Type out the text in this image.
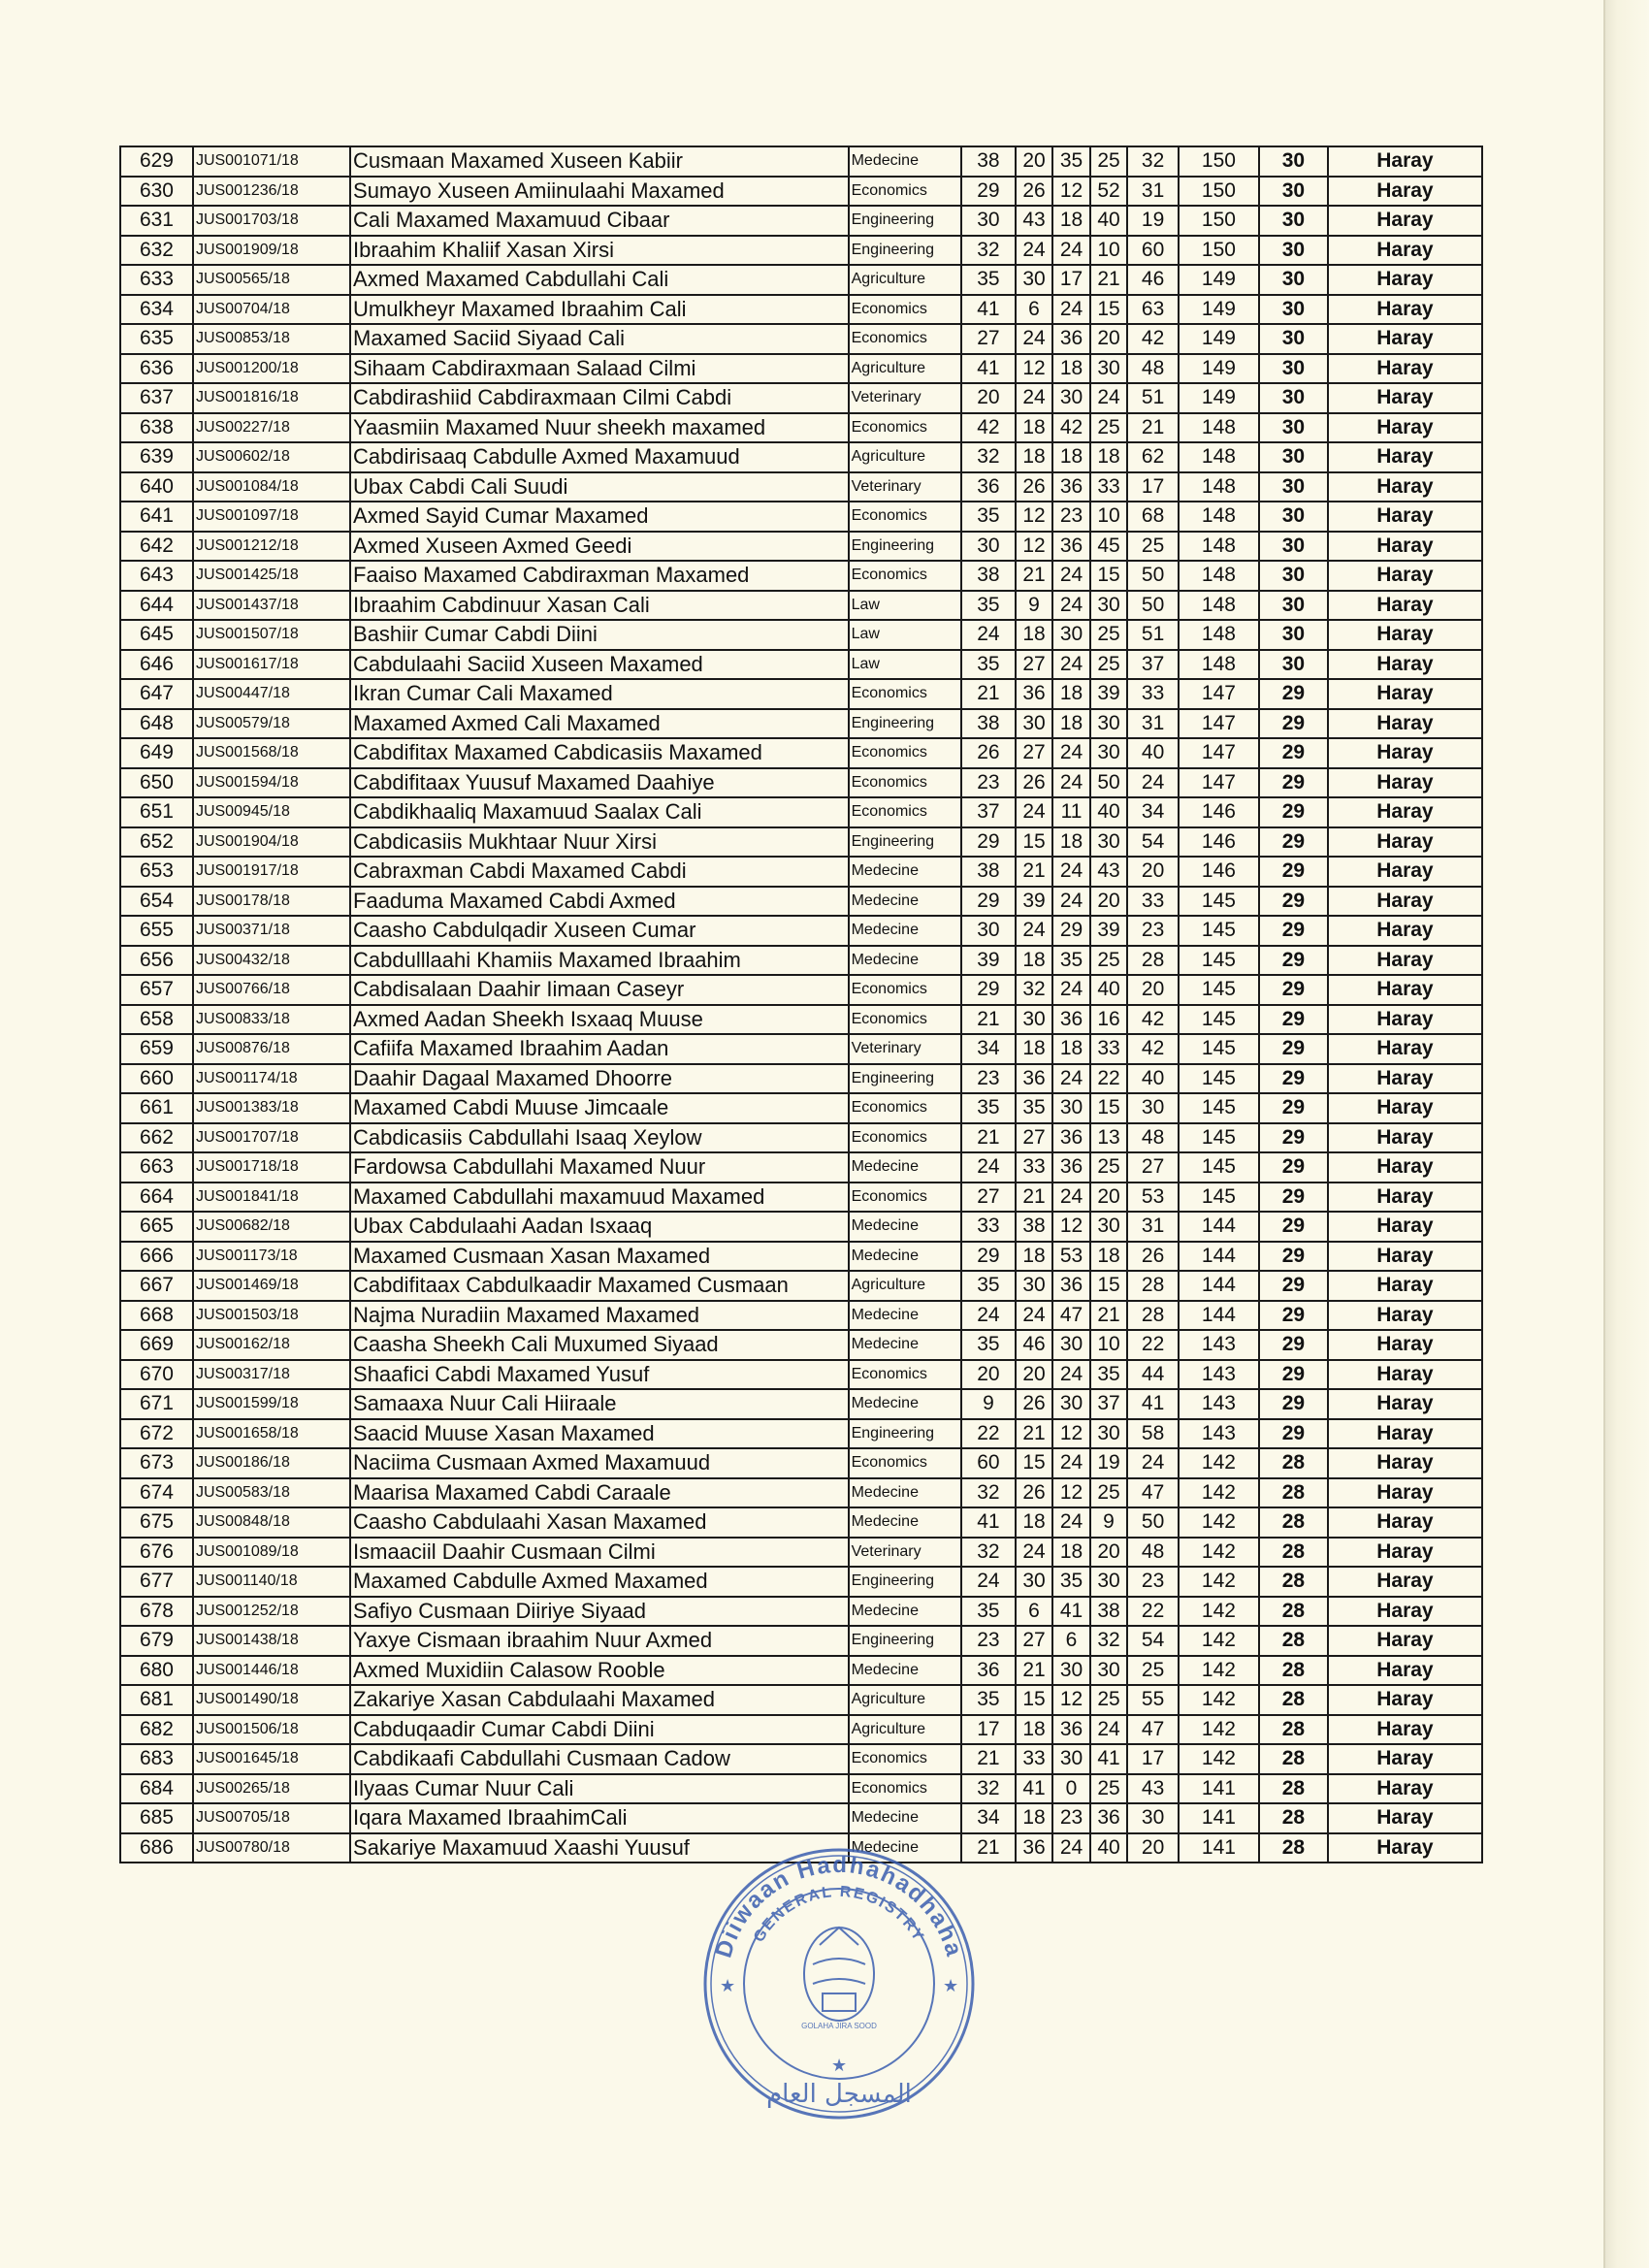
629	JUS001071/18	Cusmaan Maxamed Xuseen Kabiir	Medecine	38	20	35	25	32	150	30	Haray
630	JUS001236/18	Sumayo Xuseen Amiinulaahi Maxamed	Economics	29	26	12	52	31	150	30	Haray
631	JUS001703/18	Cali Maxamed Maxamuud Cibaar	Engineering	30	43	18	40	19	150	30	Haray
632	JUS001909/18	Ibraahim Khaliif Xasan Xirsi	Engineering	32	24	24	10	60	150	30	Haray
633	JUS00565/18	Axmed Maxamed Cabdullahi Cali	Agriculture	35	30	17	21	46	149	30	Haray
634	JUS00704/18	Umulkheyr Maxamed Ibraahim Cali	Economics	41	6	24	15	63	149	30	Haray
635	JUS00853/18	Maxamed Saciid Siyaad Cali	Economics	27	24	36	20	42	149	30	Haray
636	JUS001200/18	Sihaam Cabdiraxmaan Salaad Cilmi	Agriculture	41	12	18	30	48	149	30	Haray
637	JUS001816/18	Cabdirashiid Cabdiraxmaan Cilmi Cabdi	Veterinary	20	24	30	24	51	149	30	Haray
638	JUS00227/18	Yaasmiin Maxamed Nuur sheekh maxamed	Economics	42	18	42	25	21	148	30	Haray
639	JUS00602/18	Cabdirisaaq Cabdulle Axmed Maxamuud	Agriculture	32	18	18	18	62	148	30	Haray
640	JUS001084/18	Ubax Cabdi Cali Suudi	Veterinary	36	26	36	33	17	148	30	Haray
641	JUS001097/18	Axmed Sayid Cumar Maxamed	Economics	35	12	23	10	68	148	30	Haray
642	JUS001212/18	Axmed Xuseen Axmed Geedi	Engineering	30	12	36	45	25	148	30	Haray
643	JUS001425/18	Faaiso Maxamed Cabdiraxman Maxamed	Economics	38	21	24	15	50	148	30	Haray
644	JUS001437/18	Ibraahim Cabdinuur Xasan Cali	Law	35	9	24	30	50	148	30	Haray
645	JUS001507/18	Bashiir Cumar Cabdi Diini	Law	24	18	30	25	51	148	30	Haray
646	JUS001617/18	Cabdulaahi Saciid Xuseen Maxamed	Law	35	27	24	25	37	148	30	Haray
647	JUS00447/18	Ikran Cumar Cali Maxamed	Economics	21	36	18	39	33	147	29	Haray
648	JUS00579/18	Maxamed Axmed Cali Maxamed	Engineering	38	30	18	30	31	147	29	Haray
649	JUS001568/18	Cabdifitax Maxamed Cabdicasiis Maxamed	Economics	26	27	24	30	40	147	29	Haray
650	JUS001594/18	Cabdifitaax Yuusuf Maxamed Daahiye	Economics	23	26	24	50	24	147	29	Haray
651	JUS00945/18	Cabdikhaaliq Maxamuud Saalax Cali	Economics	37	24	11	40	34	146	29	Haray
652	JUS001904/18	Cabdicasiis Mukhtaar Nuur Xirsi	Engineering	29	15	18	30	54	146	29	Haray
653	JUS001917/18	Cabraxman Cabdi Maxamed Cabdi	Medecine	38	21	24	43	20	146	29	Haray
654	JUS00178/18	Faaduma Maxamed Cabdi Axmed	Medecine	29	39	24	20	33	145	29	Haray
655	JUS00371/18	Caasho Cabdulqadir Xuseen Cumar	Medecine	30	24	29	39	23	145	29	Haray
656	JUS00432/18	Cabdulllaahi Khamiis Maxamed Ibraahim	Medecine	39	18	35	25	28	145	29	Haray
657	JUS00766/18	Cabdisalaan Daahir Iimaan Caseyr	Economics	29	32	24	40	20	145	29	Haray
658	JUS00833/18	Axmed Aadan Sheekh Isxaaq Muuse	Economics	21	30	36	16	42	145	29	Haray
659	JUS00876/18	Cafiifa Maxamed Ibraahim Aadan	Veterinary	34	18	18	33	42	145	29	Haray
660	JUS001174/18	Daahir Dagaal Maxamed Dhoorre	Engineering	23	36	24	22	40	145	29	Haray
661	JUS001383/18	Maxamed Cabdi Muuse Jimcaale	Economics	35	35	30	15	30	145	29	Haray
662	JUS001707/18	Cabdicasiis Cabdullahi Isaaq Xeylow	Economics	21	27	36	13	48	145	29	Haray
663	JUS001718/18	Fardowsa Cabdullahi Maxamed Nuur	Medecine	24	33	36	25	27	145	29	Haray
664	JUS001841/18	Maxamed Cabdullahi maxamuud Maxamed	Economics	27	21	24	20	53	145	29	Haray
665	JUS00682/18	Ubax Cabdulaahi Aadan Isxaaq	Medecine	33	38	12	30	31	144	29	Haray
666	JUS001173/18	Maxamed Cusmaan Xasan Maxamed	Medecine	29	18	53	18	26	144	29	Haray
667	JUS001469/18	Cabdifitaax Cabdulkaadir Maxamed Cusmaan	Agriculture	35	30	36	15	28	144	29	Haray
668	JUS001503/18	Najma Nuradiin Maxamed Maxamed	Medecine	24	24	47	21	28	144	29	Haray
669	JUS00162/18	Caasha Sheekh Cali Muxumed Siyaad	Medecine	35	46	30	10	22	143	29	Haray
670	JUS00317/18	Shaafici Cabdi Maxamed Yusuf	Economics	20	20	24	35	44	143	29	Haray
671	JUS001599/18	Samaaxa Nuur Cali Hiiraale	Medecine	9	26	30	37	41	143	29	Haray
672	JUS001658/18	Saacid Muuse Xasan Maxamed	Engineering	22	21	12	30	58	143	29	Haray
673	JUS00186/18	Naciima Cusmaan Axmed Maxamuud	Economics	60	15	24	19	24	142	28	Haray
674	JUS00583/18	Maarisa Maxamed Cabdi Caraale	Medecine	32	26	12	25	47	142	28	Haray
675	JUS00848/18	Caasho Cabdulaahi Xasan Maxamed	Medecine	41	18	24	9	50	142	28	Haray
676	JUS001089/18	Ismaaciil Daahir Cusmaan Cilmi	Veterinary	32	24	18	20	48	142	28	Haray
677	JUS001140/18	Maxamed Cabdulle Axmed Maxamed	Engineering	24	30	35	30	23	142	28	Haray
678	JUS001252/18	Safiyo Cusmaan Diiriye Siyaad	Medecine	35	6	41	38	22	142	28	Haray
679	JUS001438/18	Yaxye Cismaan ibraahim Nuur Axmed	Engineering	23	27	6	32	54	142	28	Haray
680	JUS001446/18	Axmed Muxidiin Calasow Rooble	Medecine	36	21	30	30	25	142	28	Haray
681	JUS001490/18	Zakariye Xasan Cabdulaahi Maxamed	Agriculture	35	15	12	25	55	142	28	Haray
682	JUS001506/18	Cabduqaadir Cumar Cabdi Diini	Agriculture	17	18	36	24	47	142	28	Haray
683	JUS001645/18	Cabdikaafi Cabdullahi Cusmaan Cadow	Economics	21	33	30	41	17	142	28	Haray
684	JUS00265/18	Ilyaas Cumar Nuur Cali	Economics	32	41	0	25	43	141	28	Haray
685	JUS00705/18	Iqara Maxamed IbraahimCali	Medecine	34	18	23	36	30	141	28	Haray
686	JUS00780/18	Sakariye Maxamuud Xaashi Yuusuf	Medecine	21	36	24	40	20	141	28	Haray
Diiwaan Hadhahadhaha
GENERAL REGISTRY
★	★
★
GOLAHA JIRA SOOD
المسجل العام
